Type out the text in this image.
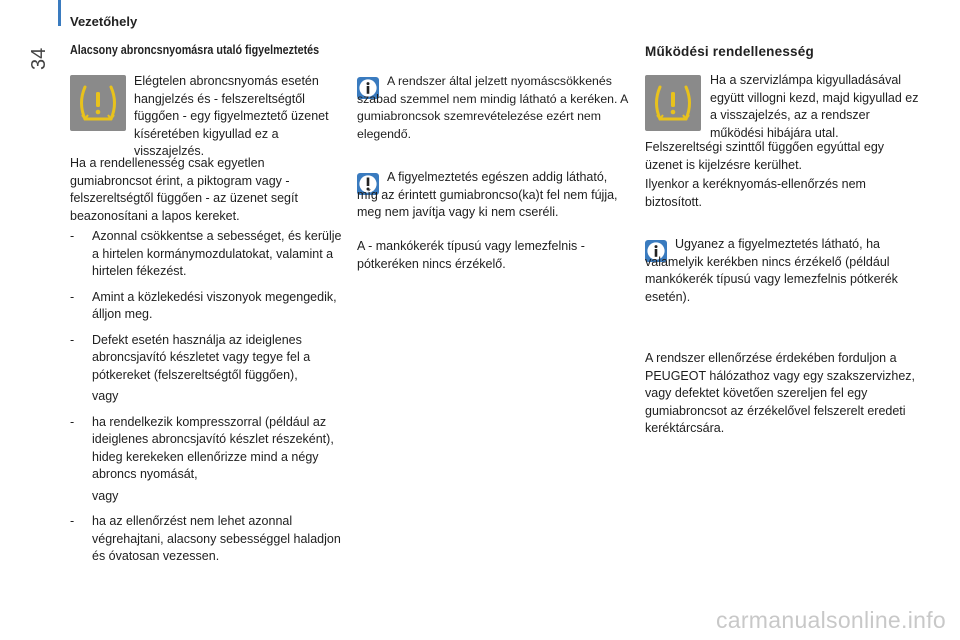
Vezetőhely
34 Alacsony abroncsnyomásra utaló figyelmeztetés
Elégtelen abroncsnyomás esetén hangjelzés és - felszereltségtől függően - egy figyelmeztető üzenet kíséretében kigyullad ez a visszajelzés.
Ha a rendellenesség csak egyetlen gumiabroncsot érint, a piktogram vagy - felszereltségtől függően - az üzenet segít beazonosítani a lapos kereket.
- Azonnal csökkentse a sebességet, és kerülje a hirtelen kormánymozdulatokat, valamint a hirtelen fékezést.
- Amint a közlekedési viszonyok megengedik, álljon meg.
- Defekt esetén használja az ideiglenes abroncsjavító készletet vagy tegye fel a pótkereket (felszereltségtől függően),
vagy
- ha rendelkezik kompresszorral (például az ideiglenes abroncsjavító készlet részeként), hideg kerekeken ellenőrizze mind a négy abroncs nyomását,
vagy
- ha az ellenőrzést nem lehet azonnal végrehajtani, alacsony sebességgel haladjon és óvatosan vezessen.
A rendszer által jelzett nyomáscsökkenés szabad szemmel nem mindig látható a keréken. A gumiabroncsok szemrevételezése ezért nem elegendő.
A figyelmeztetés egészen addig látható, míg az érintett gumiabroncso(ka)t fel nem fújja, meg nem javítja vagy ki nem cseréli.
A - mankókerék típusú vagy lemezfelnis - pótkeréken nincs érzékelő.
Működési rendellenesség
Ha a szervizlámpa kigyulladásával együtt villogni kezd, majd kigyullad ez a visszajelzés, az a rendszer működési hibájára utal.
Felszereltségi szinttől függően egyúttal egy üzenet is kijelzésre kerülhet.
Ilyenkor a keréknyomás-ellenőrzés nem biztosított.
Ugyanez a figyelmeztetés látható, ha valamelyik kerékben nincs érzékelő (például mankókerék típusú vagy lemezfelnis pótkerék esetén).
A rendszer ellenőrzése érdekében forduljon a PEUGEOT hálózathoz vagy egy szakszervizhez, vagy defektet követően szereljen fel egy gumiabroncsot az érzékelővel felszerelt eredeti keréktárcsára.
carmanualsonline.info
